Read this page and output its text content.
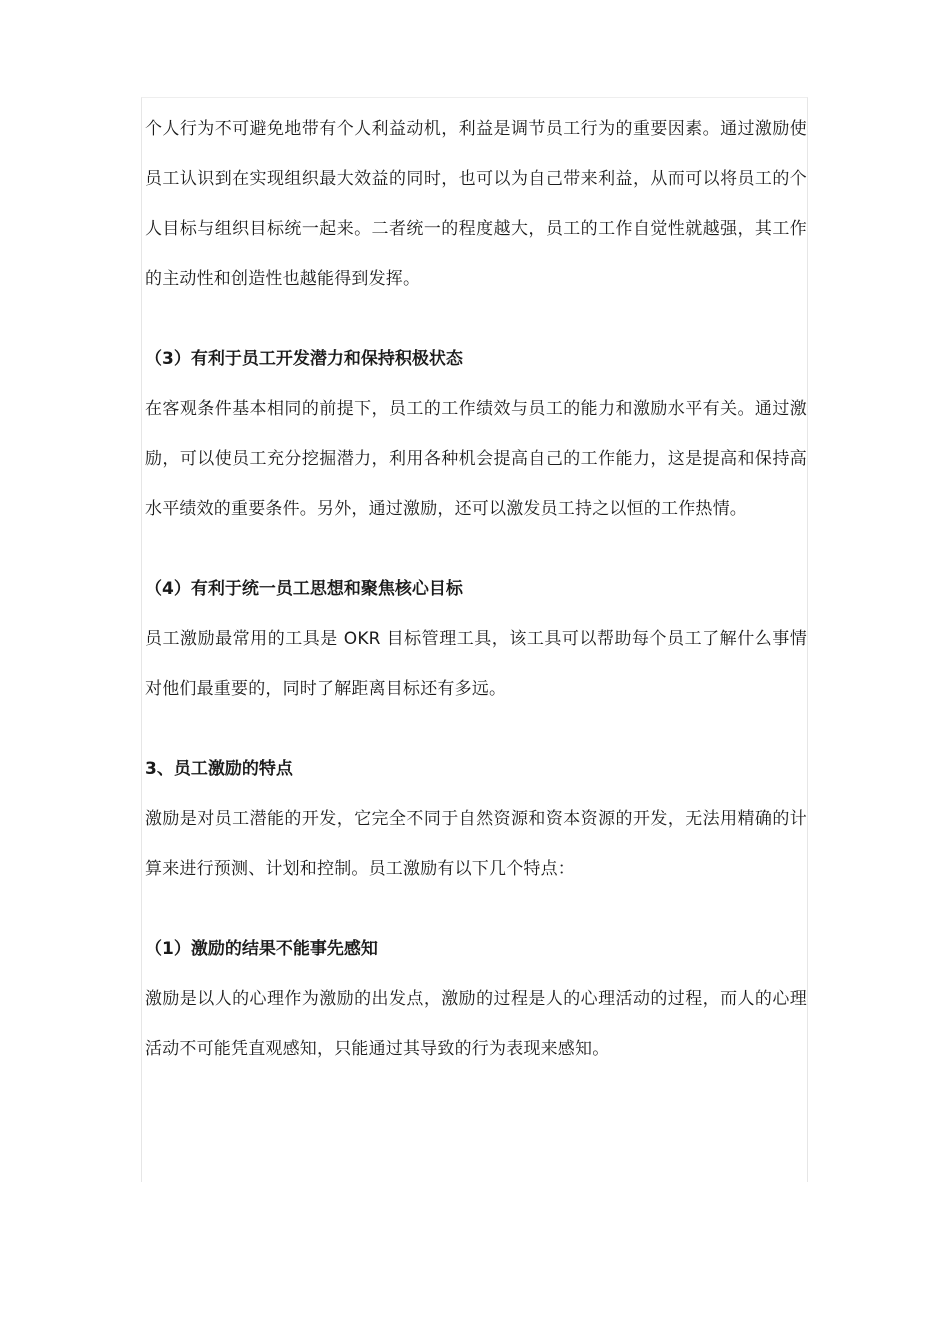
个人行为不可避免地带有个人利益动机，利益是调节员工行为的重要因素。通过激励使员工认识到在实现组织最大效益的同时，也可以为自己带来利益，从而可以将员工的个人目标与组织目标统一起来。二者统一的程度越大，员工的工作自觉性就越强，其工作的主动性和创造性也越能得到发挥。

（3）有利于员工开发潜力和保持积极状态

在客观条件基本相同的前提下，员工的工作绩效与员工的能力和激励水平有关。通过激励，可以使员工充分挖掘潜力，利用各种机会提高自己的工作能力，这是提高和保持高水平绩效的重要条件。另外，通过激励，还可以激发员工持之以恒的工作热情。

（4）有利于统一员工思想和聚焦核心目标

员工激励最常用的工具是 OKR 目标管理工具，该工具可以帮助每个员工了解什么事情对他们最重要的，同时了解距离目标还有多远。

3、员工激励的特点

激励是对员工潜能的开发，它完全不同于自然资源和资本资源的开发，无法用精确的计算来进行预测、计划和控制。员工激励有以下几个特点：

（1）激励的结果不能事先感知

激励是以人的心理作为激励的出发点，激励的过程是人的心理活动的过程，而人的心理活动不可能凭直观感知，只能通过其导致的行为表现来感知。
